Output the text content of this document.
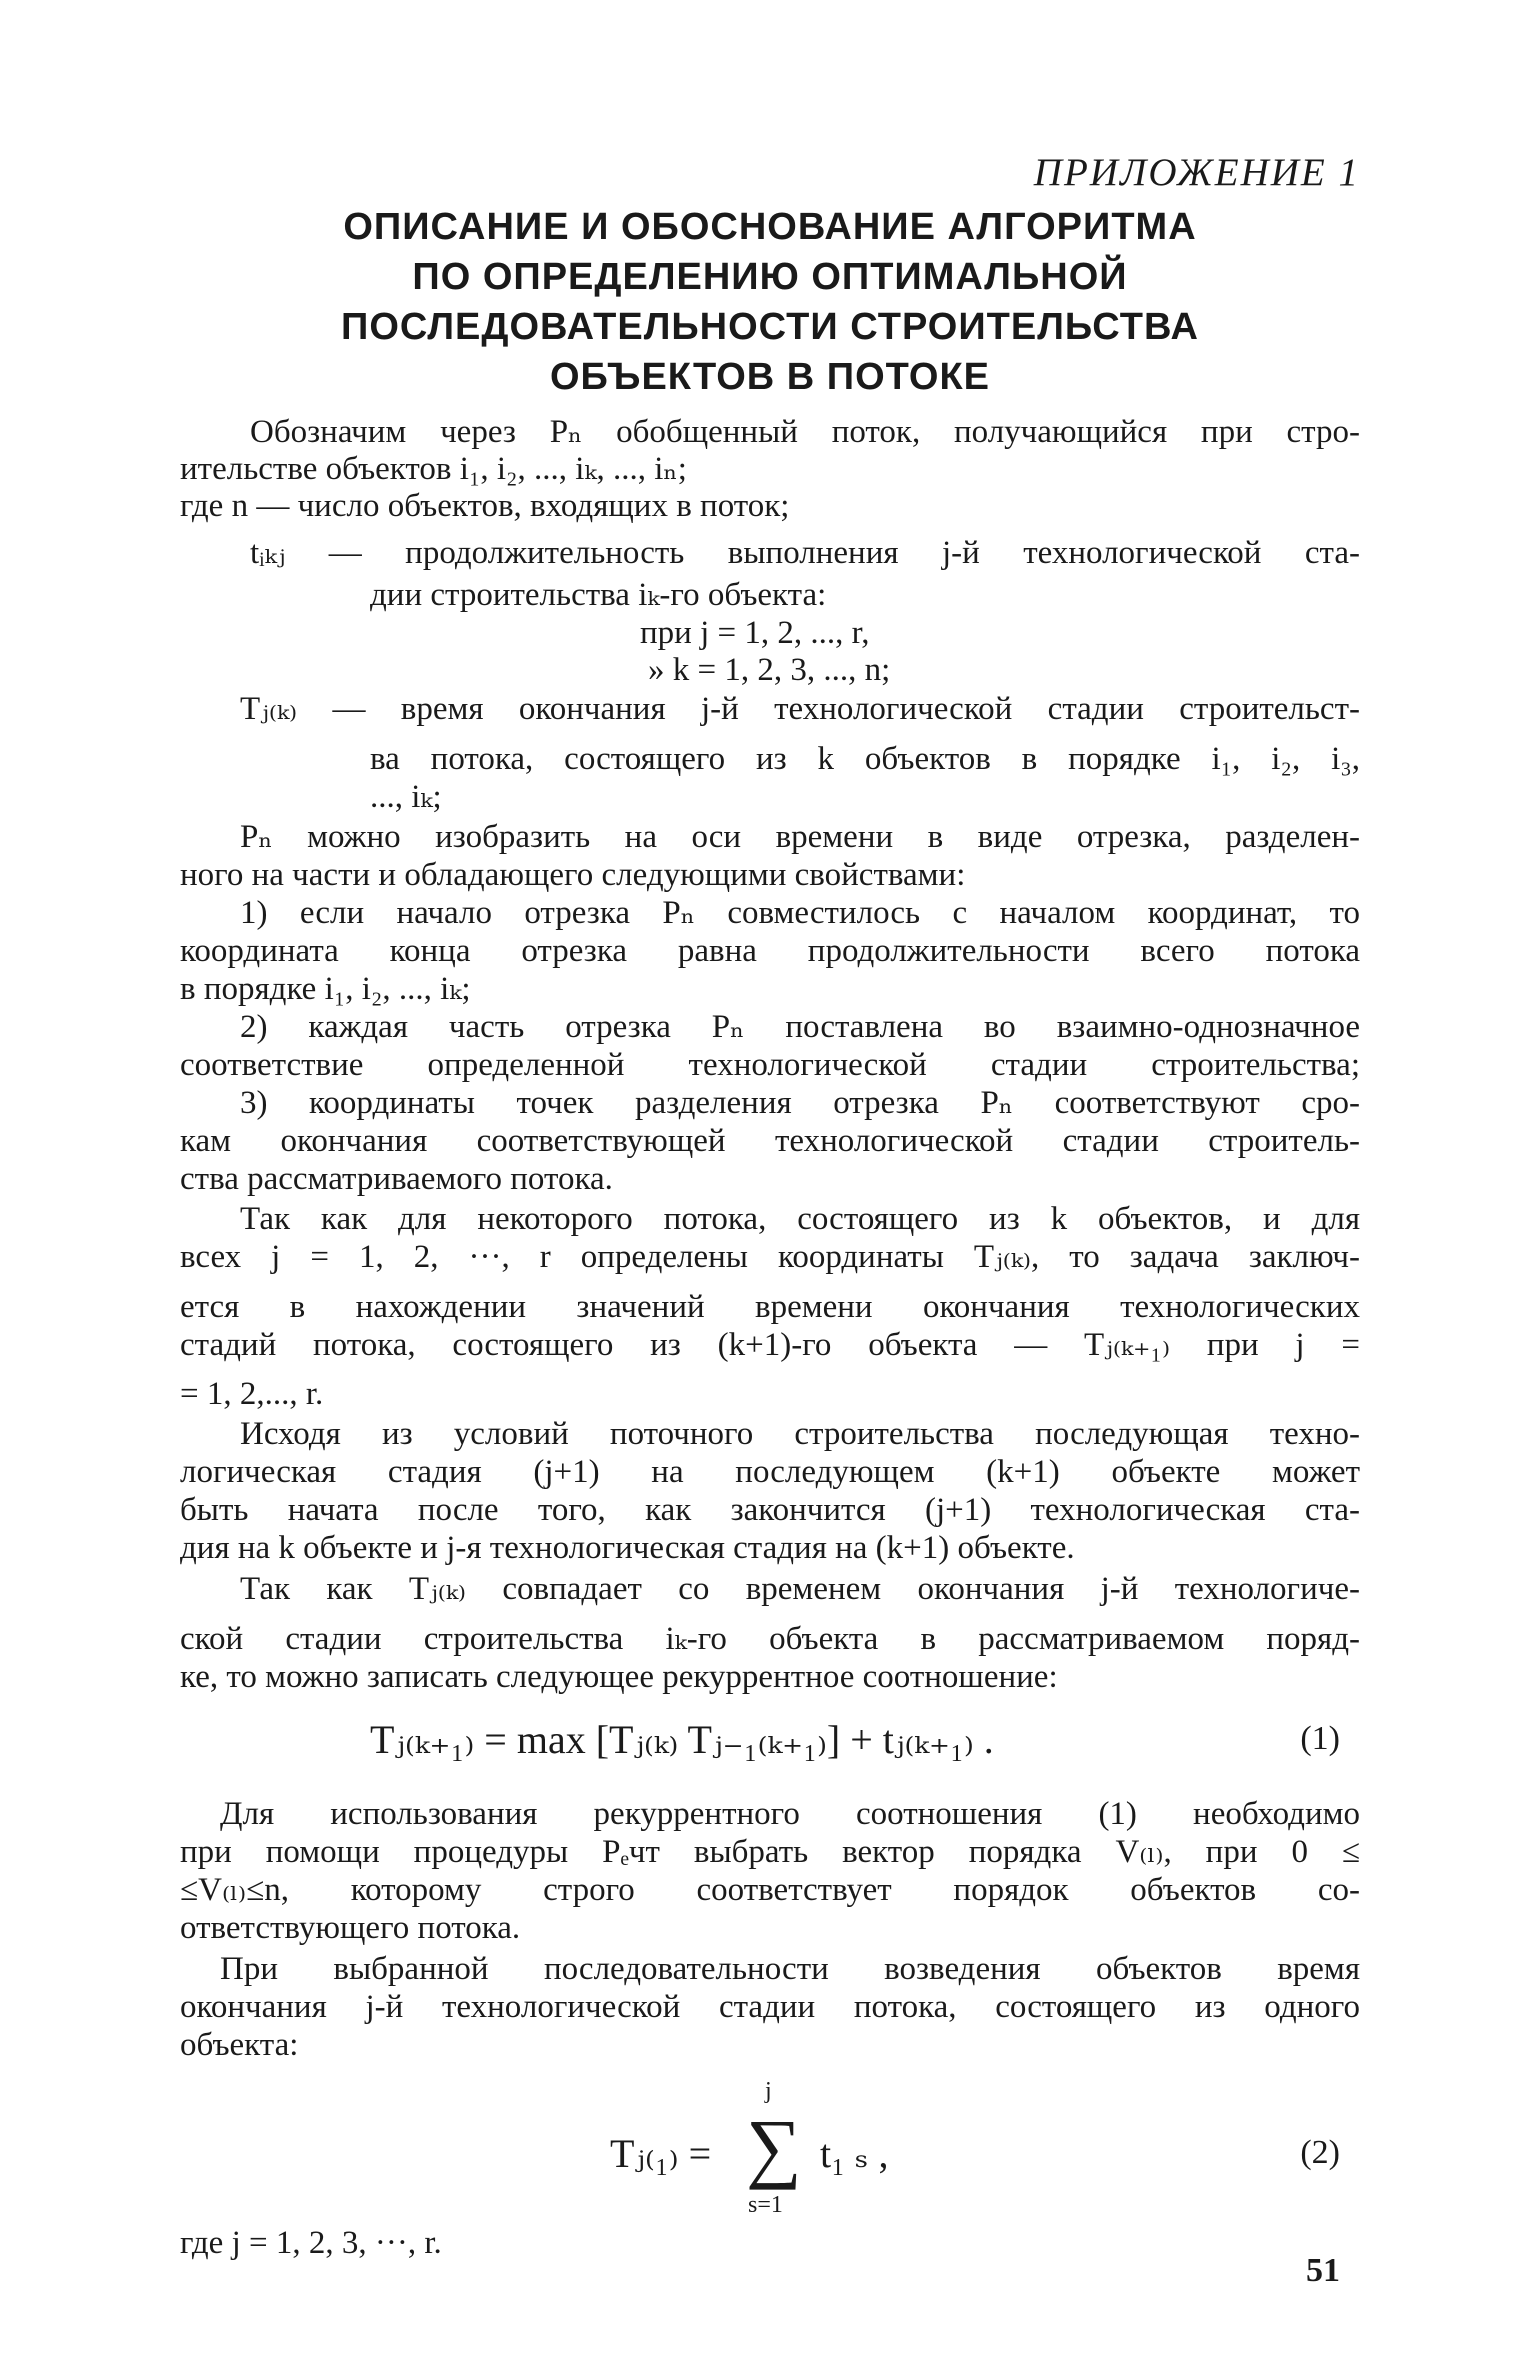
ПРИЛОЖЕНИЕ 1
ОПИСАНИЕ И ОБОСНОВАНИЕ АЛГОРИТМА
ПО ОПРЕДЕЛЕНИЮ ОПТИМАЛЬНОЙ
ПОСЛЕДОВАТЕЛЬНОСТИ СТРОИТЕЛЬСТВА
ОБЪЕКТОВ В ПОТОКЕ
Обозначим через Pₙ обобщенный поток, получающийся при стро-
ительстве объектов i₁, i₂, ..., iₖ, ..., iₙ;
где n — число объектов, входящих в поток;
tᵢₖⱼ — продолжительность выполнения j-й технологической ста-
дии строительства iₖ-го объекта:
при j = 1, 2, ..., r,
» k = 1, 2, 3, ..., n;
Tⱼ₍ₖ₎ — время окончания j-й технологической стадии строительст-
ва потока, состоящего из k объектов в порядке i₁, i₂, i₃,
..., iₖ;
Pₙ можно изобразить на оси времени в виде отрезка, разделен-
ного на части и обладающего следующими свойствами:
1) если начало отрезка Pₙ совместилось с началом координат, то
координата конца отрезка равна продолжительности всего потока
в порядке i₁, i₂, ..., iₖ;
2) каждая часть отрезка Pₙ поставлена во взаимно-однозначное
соответствие определенной технологической стадии строительства;
3) координаты точек разделения отрезка Pₙ соответствуют сро-
кам окончания соответствующей технологической стадии строитель-
ства рассматриваемого потока.
Так как для некоторого потока, состоящего из k объектов, и для
всех j = 1, 2, ···, r определены координаты Tⱼ₍ₖ₎, то задача заключ-
ется в нахождении значений времени окончания технологических
стадий потока, состоящего из (k+1)-го объекта — Tⱼ₍ₖ₊₁₎ при j =
= 1, 2,..., r.
Исходя из условий поточного строительства последующая техно-
логическая стадия (j+1) на последующем (k+1) объекте может
быть начата после того, как закончится (j+1) технологическая ста-
дия на k объекте и j-я технологическая стадия на (k+1) объекте.
Так как Tⱼ₍ₖ₎ совпадает со временем окончания j-й технологиче-
ской стадии строительства iₖ-го объекта в рассматриваемом поряд-
ке, то можно записать следующее рекуррентное соотношение:
Tⱼ₍ₖ₊₁₎ = max [Tⱼ₍ₖ₎ Tⱼ₋₁₍ₖ₊₁₎] + tⱼ₍ₖ₊₁₎ .	(1)
Для использования рекуррентного соотношения (1) необходимо
при помощи процедуры Pₑчт выбрать вектор порядка V₍ₗ₎, при 0 ≤
≤V₍ₗ₎≤n, которому строго соответствует порядок объектов со-
ответствующего потока.
При выбранной последовательности возведения объектов время
окончания j-й технологической стадии потока, состоящего из одного
объекта:
Tⱼ₍₁₎ = ∑
j
s=1
t₁ ₛ ,	(2)
где j = 1, 2, 3, ···, r.
51
